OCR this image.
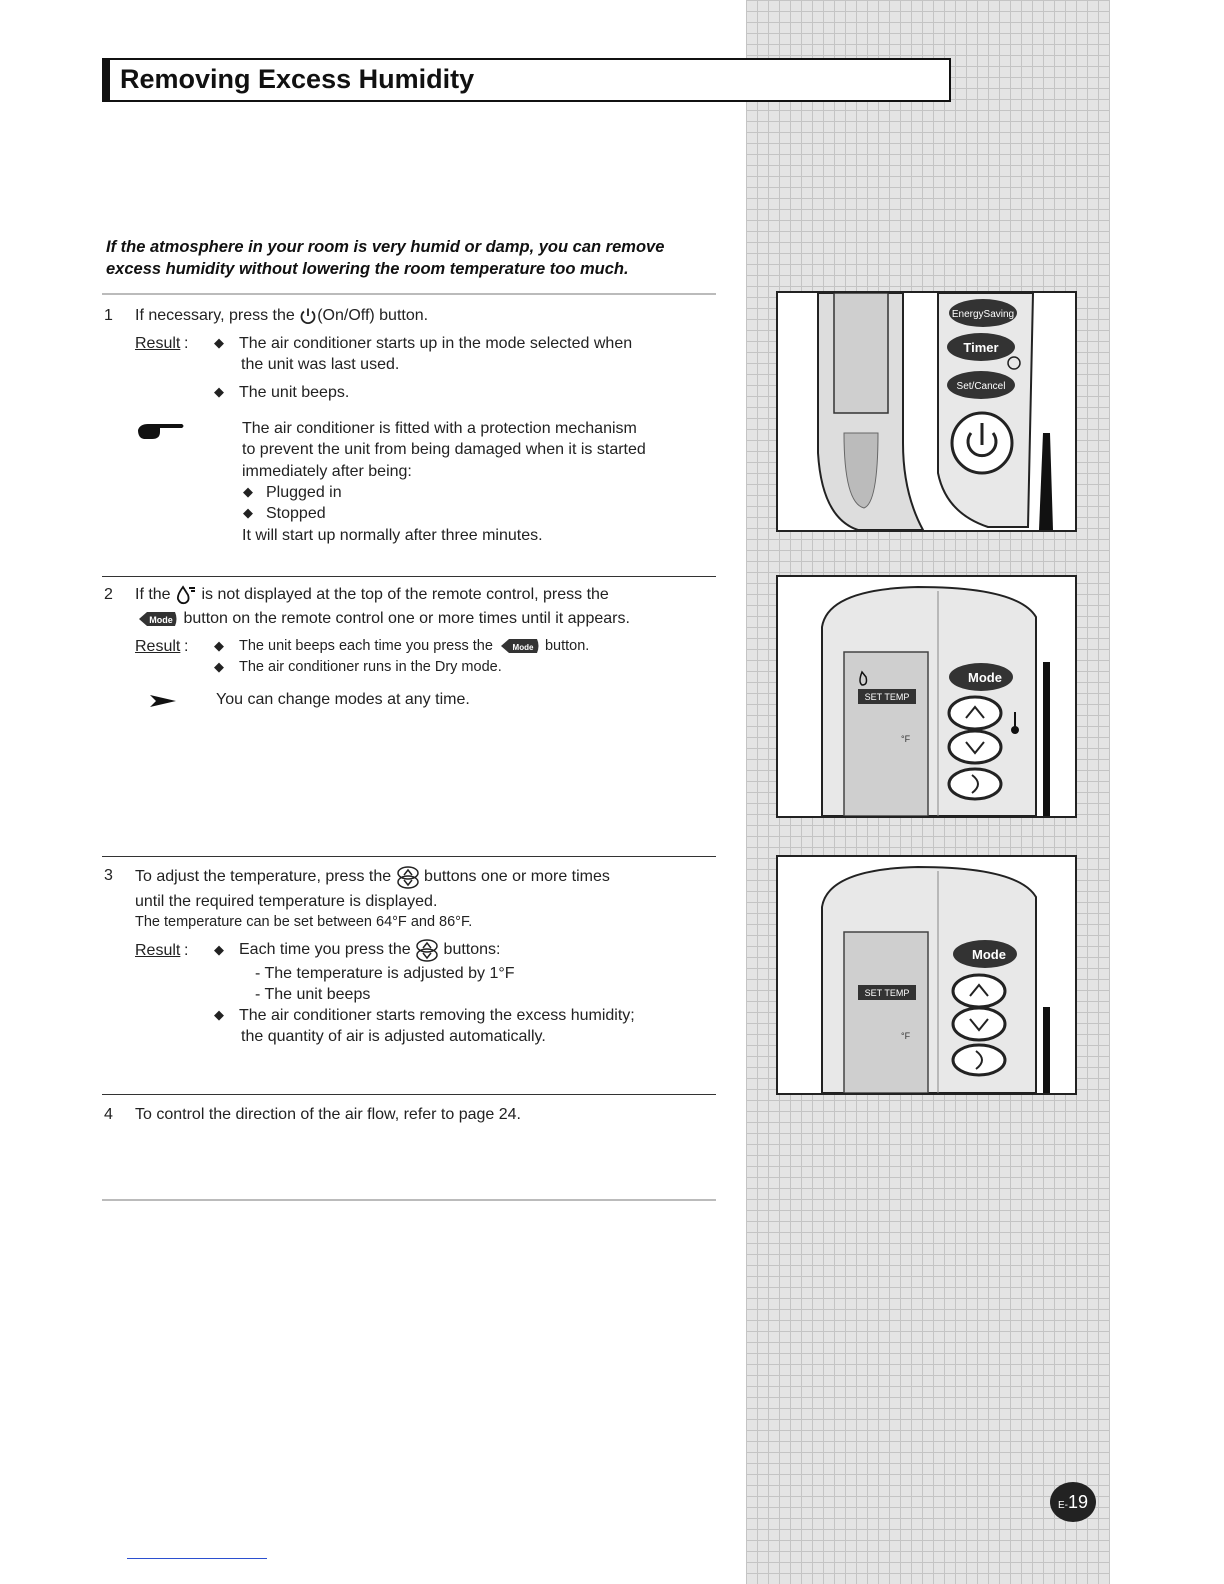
Removing Excess Humidity
If the atmosphere in your room is very humid or damp, you can remove
excess humidity without lowering the room temperature too much.
1 If necessary, press the (On/Off) button.
Result : ◆ The air conditioner starts up in the mode selected when
the unit was last used.
◆ The unit beeps.
The air conditioner is fitted with a protection mechanism
to prevent the unit from being damaged when it is started
immediately after being:
◆ Plugged in
◆ Stopped
It will start up normally after three minutes.
2 If the  is not displayed at the top of the remote control, press the
Mode button on the remote control one or more times until it appears.
Result : ◆ The unit beeps each time you press the Mode button.
◆ The air conditioner runs in the Dry mode.
You can change modes at any time.
3 To adjust the temperature, press the  buttons one or more times
until the required temperature is displayed.
The temperature can be set between 64°F and 86°F.
Result : ◆ Each time you press the  buttons:
- The temperature is adjusted by 1°F
- The unit beeps
◆ The air conditioner starts removing the excess humidity;
the quantity of air is adjusted automatically.
4 To control the direction of the air flow, refer to page 24.
EnergySaving
Timer
Set/Cancel
SET TEMP
°F
Mode
SET TEMP
°F
Mode
E-19
